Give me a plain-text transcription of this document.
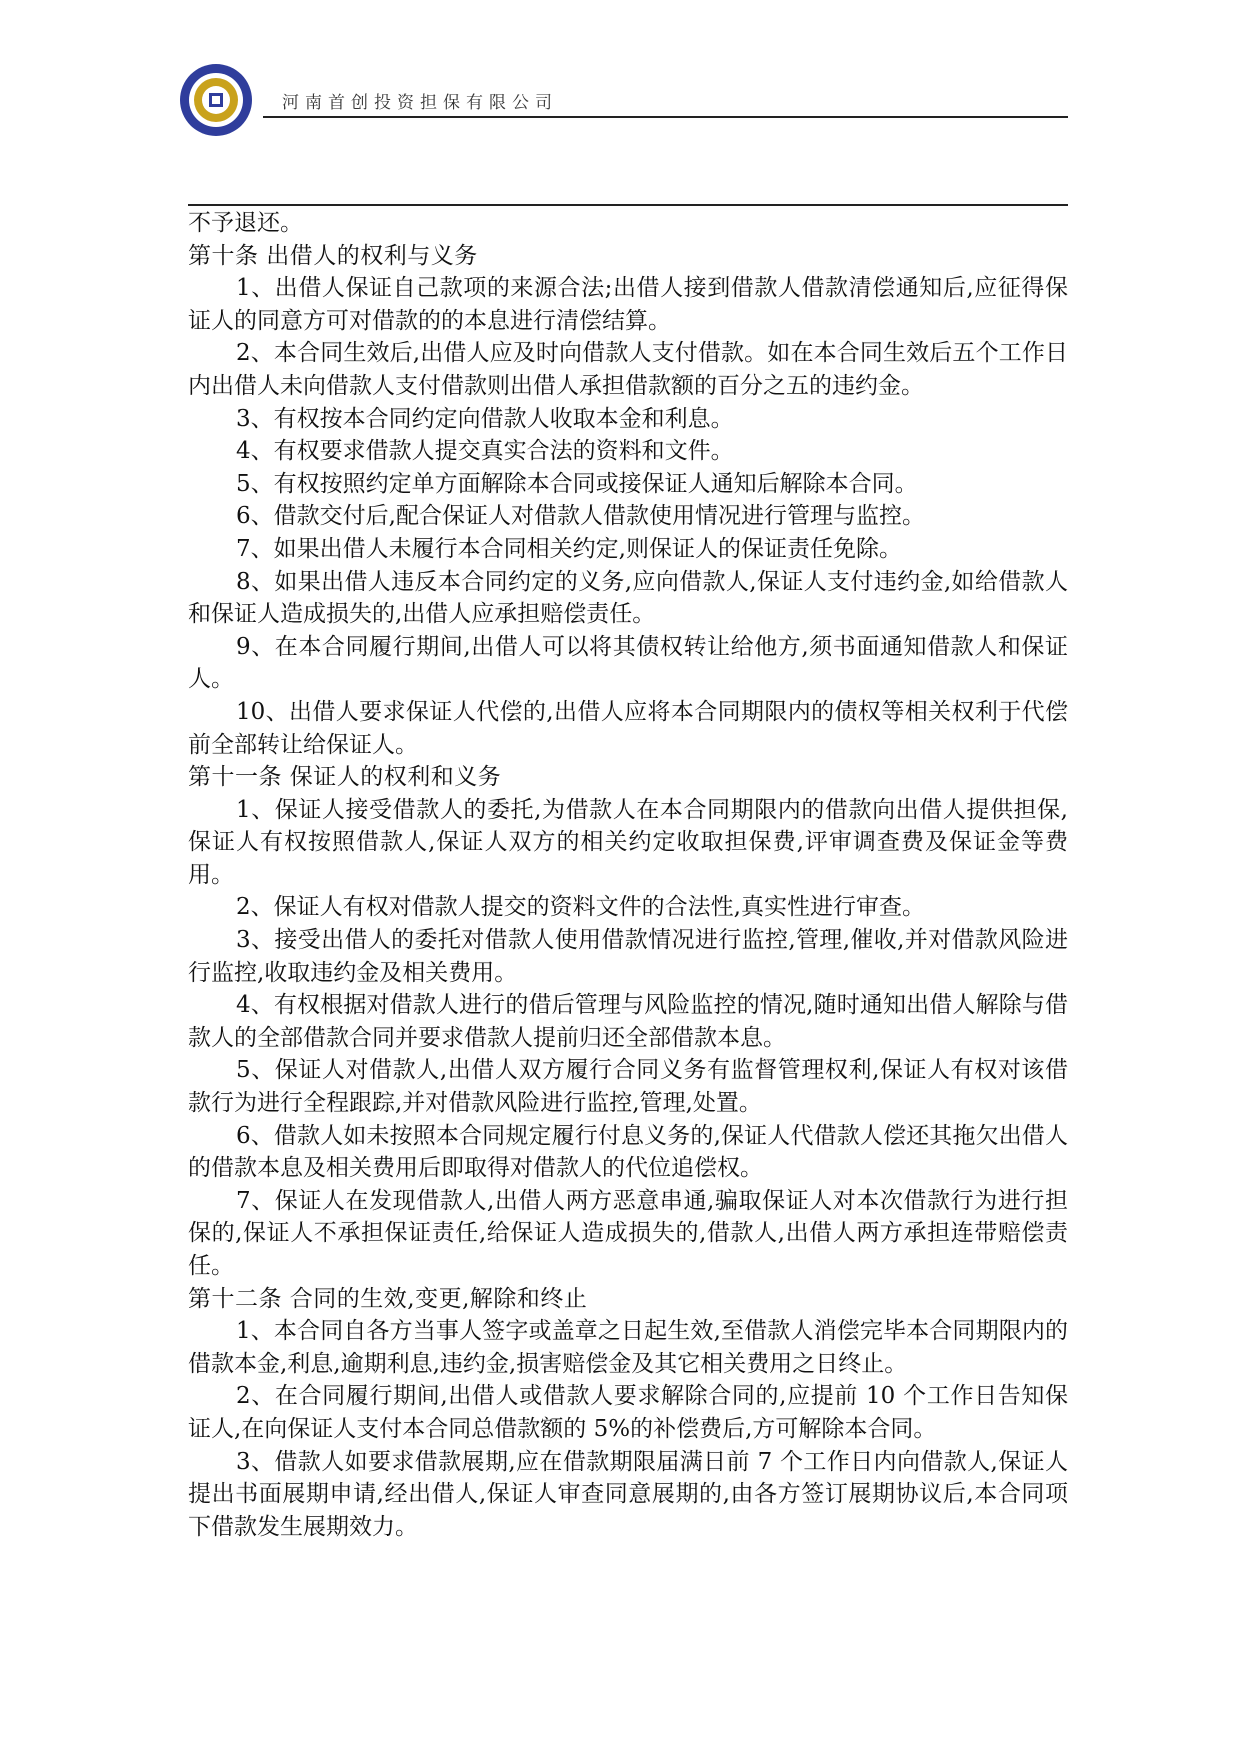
河南首创投资担保有限公司

不予退还。

第十条 出借人的权利与义务

1、出借人保证自己款项的来源合法;出借人接到借款人借款清偿通知后,应征得保证人的同意方可对借款的的本息进行清偿结算。

2、本合同生效后,出借人应及时向借款人支付借款。如在本合同生效后五个工作日内出借人未向借款人支付借款则出借人承担借款额的百分之五的违约金。

3、有权按本合同约定向借款人收取本金和利息。

4、有权要求借款人提交真实合法的资料和文件。

5、有权按照约定单方面解除本合同或接保证人通知后解除本合同。

6、借款交付后,配合保证人对借款人借款使用情况进行管理与监控。

7、如果出借人未履行本合同相关约定,则保证人的保证责任免除。

8、如果出借人违反本合同约定的义务,应向借款人,保证人支付违约金,如给借款人和保证人造成损失的,出借人应承担赔偿责任。

9、在本合同履行期间,出借人可以将其债权转让给他方,须书面通知借款人和保证人。

10、出借人要求保证人代偿的,出借人应将本合同期限内的债权等相关权利于代偿前全部转让给保证人。

第十一条 保证人的权利和义务

1、保证人接受借款人的委托,为借款人在本合同期限内的借款向出借人提供担保,保证人有权按照借款人,保证人双方的相关约定收取担保费,评审调查费及保证金等费用。

2、保证人有权对借款人提交的资料文件的合法性,真实性进行审查。

3、接受出借人的委托对借款人使用借款情况进行监控,管理,催收,并对借款风险进行监控,收取违约金及相关费用。

4、有权根据对借款人进行的借后管理与风险监控的情况,随时通知出借人解除与借款人的全部借款合同并要求借款人提前归还全部借款本息。

5、保证人对借款人,出借人双方履行合同义务有监督管理权利,保证人有权对该借款行为进行全程跟踪,并对借款风险进行监控,管理,处置。

6、借款人如未按照本合同规定履行付息义务的,保证人代借款人偿还其拖欠出借人的借款本息及相关费用后即取得对借款人的代位追偿权。

7、保证人在发现借款人,出借人两方恶意串通,骗取保证人对本次借款行为进行担保的,保证人不承担保证责任,给保证人造成损失的,借款人,出借人两方承担连带赔偿责任。

第十二条 合同的生效,变更,解除和终止

1、本合同自各方当事人签字或盖章之日起生效,至借款人消偿完毕本合同期限内的借款本金,利息,逾期利息,违约金,损害赔偿金及其它相关费用之日终止。

2、在合同履行期间,出借人或借款人要求解除合同的,应提前 10 个工作日告知保证人,在向保证人支付本合同总借款额的 5%的补偿费后,方可解除本合同。

3、借款人如要求借款展期,应在借款期限届满日前 7 个工作日内向借款人,保证人提出书面展期申请,经出借人,保证人审查同意展期的,由各方签订展期协议后,本合同项下借款发生展期效力。
